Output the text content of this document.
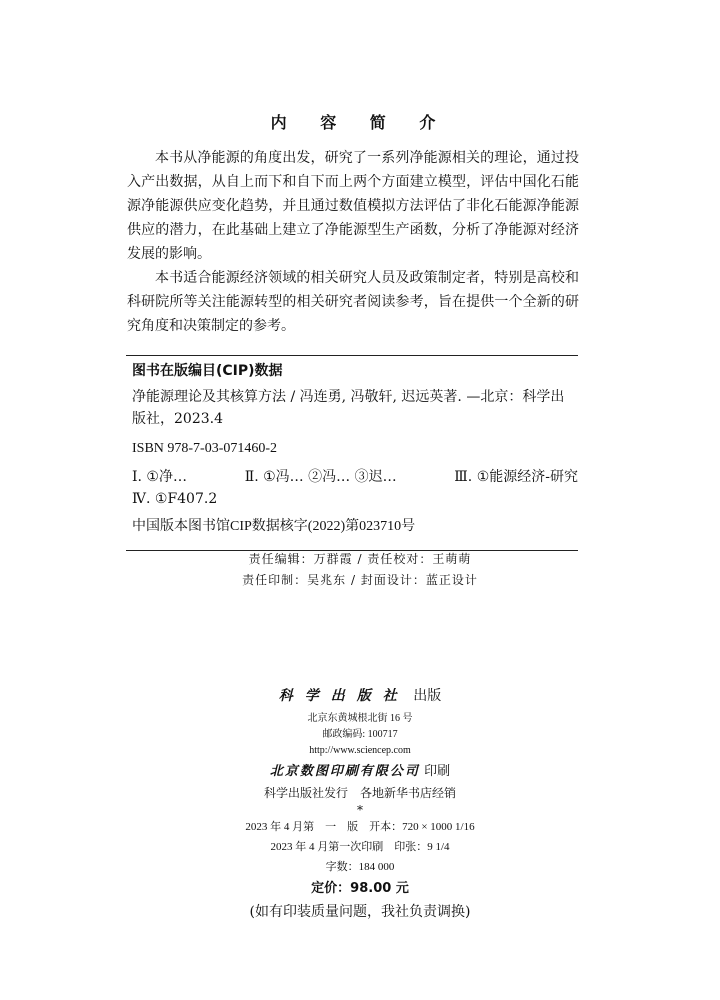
内 容 简 介

本书从净能源的角度出发，研究了一系列净能源相关的理论，通过投入产出数据，从自上而下和自下而上两个方面建立模型，评估中国化石能源净能源供应变化趋势，并且通过数值模拟方法评估了非化石能源净能源供应的潜力，在此基础上建立了净能源型生产函数，分析了净能源对经济发展的影响。

本书适合能源经济领域的相关研究人员及政策制定者，特别是高校和科研院所等关注能源转型的相关研究者阅读参考，旨在提供一个全新的研究角度和决策制定的参考。

图书在版编目(CIP)数据
净能源理论及其核算方法 / 冯连勇, 冯敬轩, 迟远英著. —北京：科学出版社，2023.4
ISBN 978-7-03-071460-2
Ⅰ. ①净…	Ⅱ. ①冯… ②冯… ③迟…	Ⅲ. ①能源经济-研究
Ⅳ. ①F407.2
中国版本图书馆CIP数据核字(2022)第023710号
责任编辑：万群霞 / 责任校对：王萌萌
责任印制：吴兆东 / 封面设计：蓝正设计
科学出版社 出版
北京东黄城根北街 16 号
邮政编码: 100717
http://www.sciencep.com
北京数图印刷有限公司 印刷
科学出版社发行　各地新华书店经销
*
2023 年 4 月第　一　版　开本：720 × 1000 1/16
2023 年 4 月第一次印刷　印张：9 1/4
字数：184 000
定价：98.00 元
(如有印装质量问题，我社负责调换)
